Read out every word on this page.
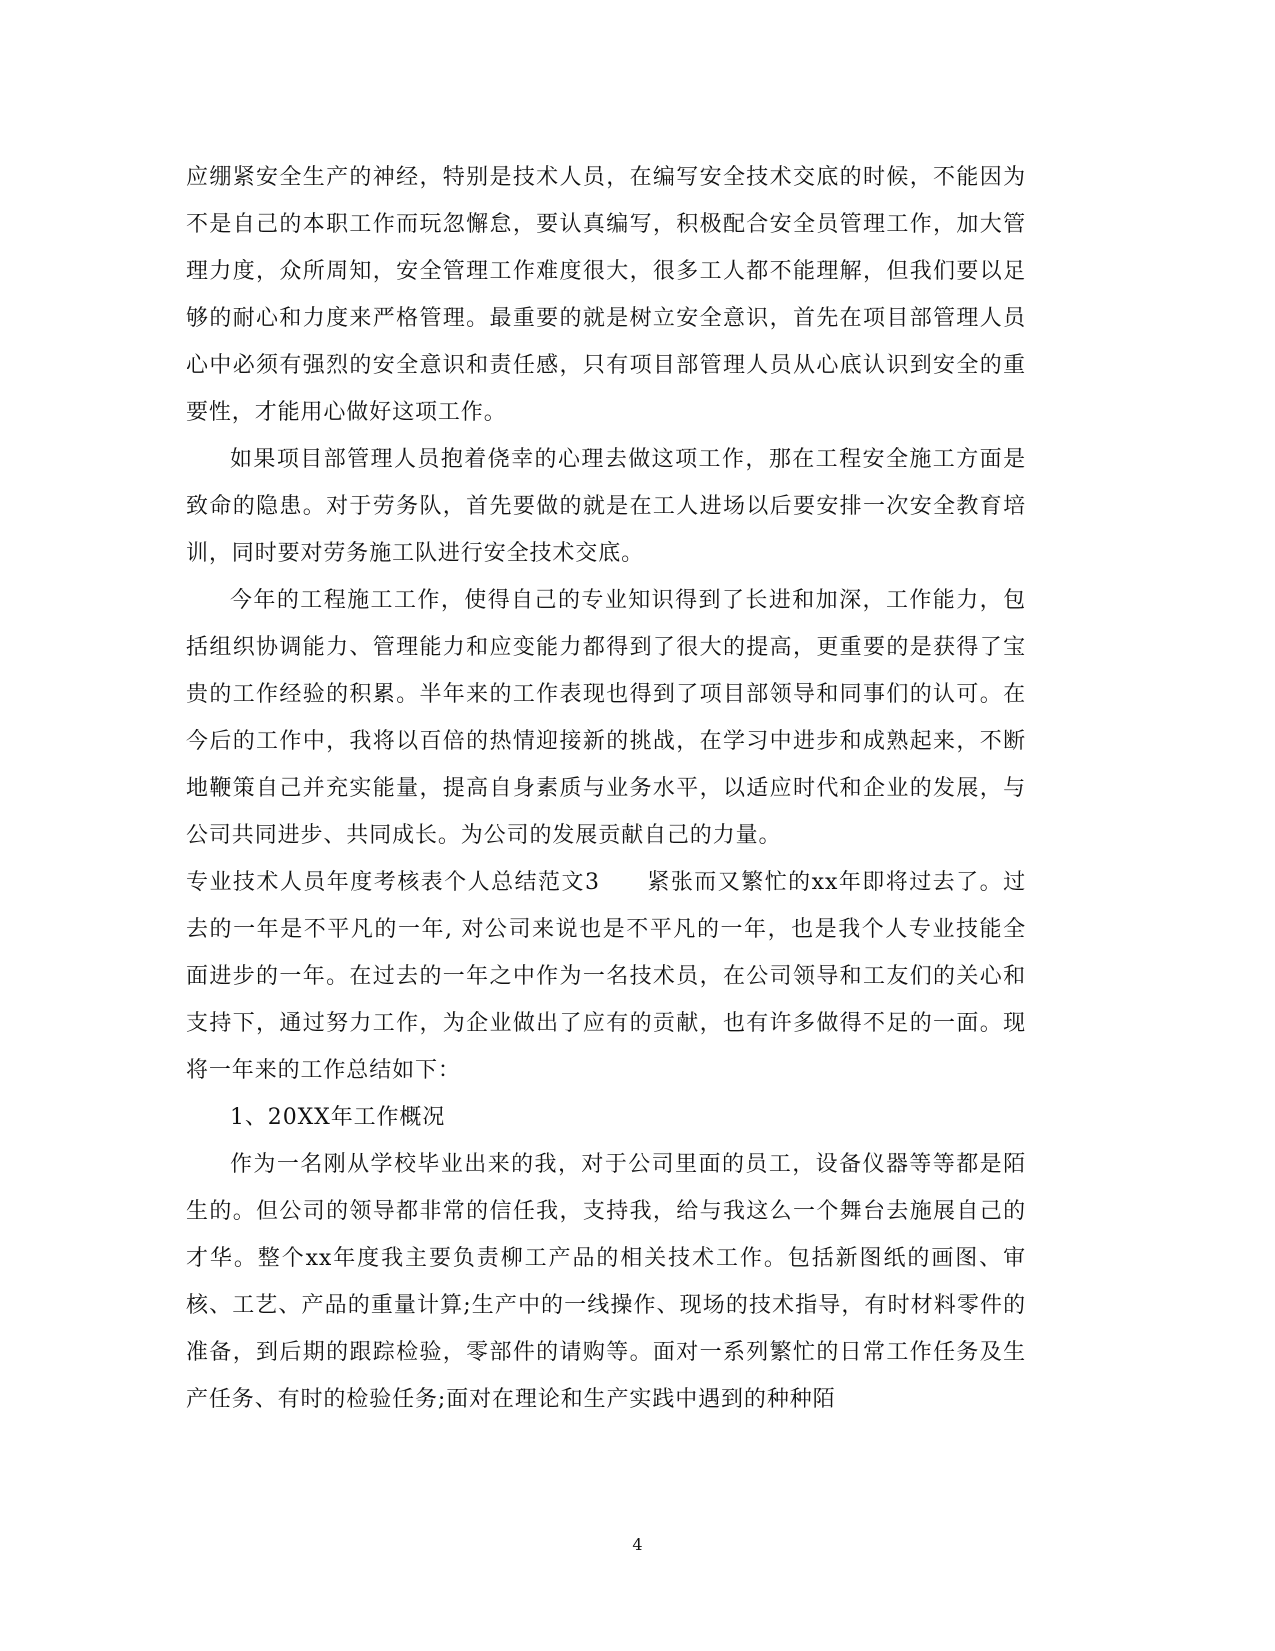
应绷紧安全生产的神经，特别是技术人员，在编写安全技术交底的时候，不能因为不是自己的本职工作而玩忽懈怠，要认真编写，积极配合安全员管理工作，加大管理力度，众所周知，安全管理工作难度很大，很多工人都不能理解，但我们要以足够的耐心和力度来严格管理。最重要的就是树立安全意识，首先在项目部管理人员心中必须有强烈的安全意识和责任感，只有项目部管理人员从心底认识到安全的重要性，才能用心做好这项工作。

如果项目部管理人员抱着侥幸的心理去做这项工作，那在工程安全施工方面是致命的隐患。对于劳务队，首先要做的就是在工人进场以后要安排一次安全教育培训，同时要对劳务施工队进行安全技术交底。

今年的工程施工工作，使得自己的专业知识得到了长进和加深，工作能力，包括组织协调能力、管理能力和应变能力都得到了很大的提高，更重要的是获得了宝贵的工作经验的积累。半年来的工作表现也得到了项目部领导和同事们的认可。在今后的工作中，我将以百倍的热情迎接新的挑战，在学习中进步和成熟起来，不断地鞭策自己并充实能量，提高自身素质与业务水平，以适应时代和企业的发展，与公司共同进步、共同成长。为公司的发展贡献自己的力量。

专业技术人员年度考核表个人总结范文3　　紧张而又繁忙的xx年即将过去了。过去的一年是不平凡的一年, 对公司来说也是不平凡的一年，也是我个人专业技能全面进步的一年。在过去的一年之中作为一名技术员，在公司领导和工友们的关心和支持下，通过努力工作，为企业做出了应有的贡献，也有许多做得不足的一面。现将一年来的工作总结如下：

1、20XX年工作概况

作为一名刚从学校毕业出来的我，对于公司里面的员工，设备仪器等等都是陌生的。但公司的领导都非常的信任我，支持我，给与我这么一个舞台去施展自己的才华。整个xx年度我主要负责柳工产品的相关技术工作。包括新图纸的画图、审核、工艺、产品的重量计算;生产中的一线操作、现场的技术指导，有时材料零件的准备，到后期的跟踪检验，零部件的请购等。面对一系列繁忙的日常工作任务及生产任务、有时的检验任务;面对在理论和生产实践中遇到的种种陌

4
